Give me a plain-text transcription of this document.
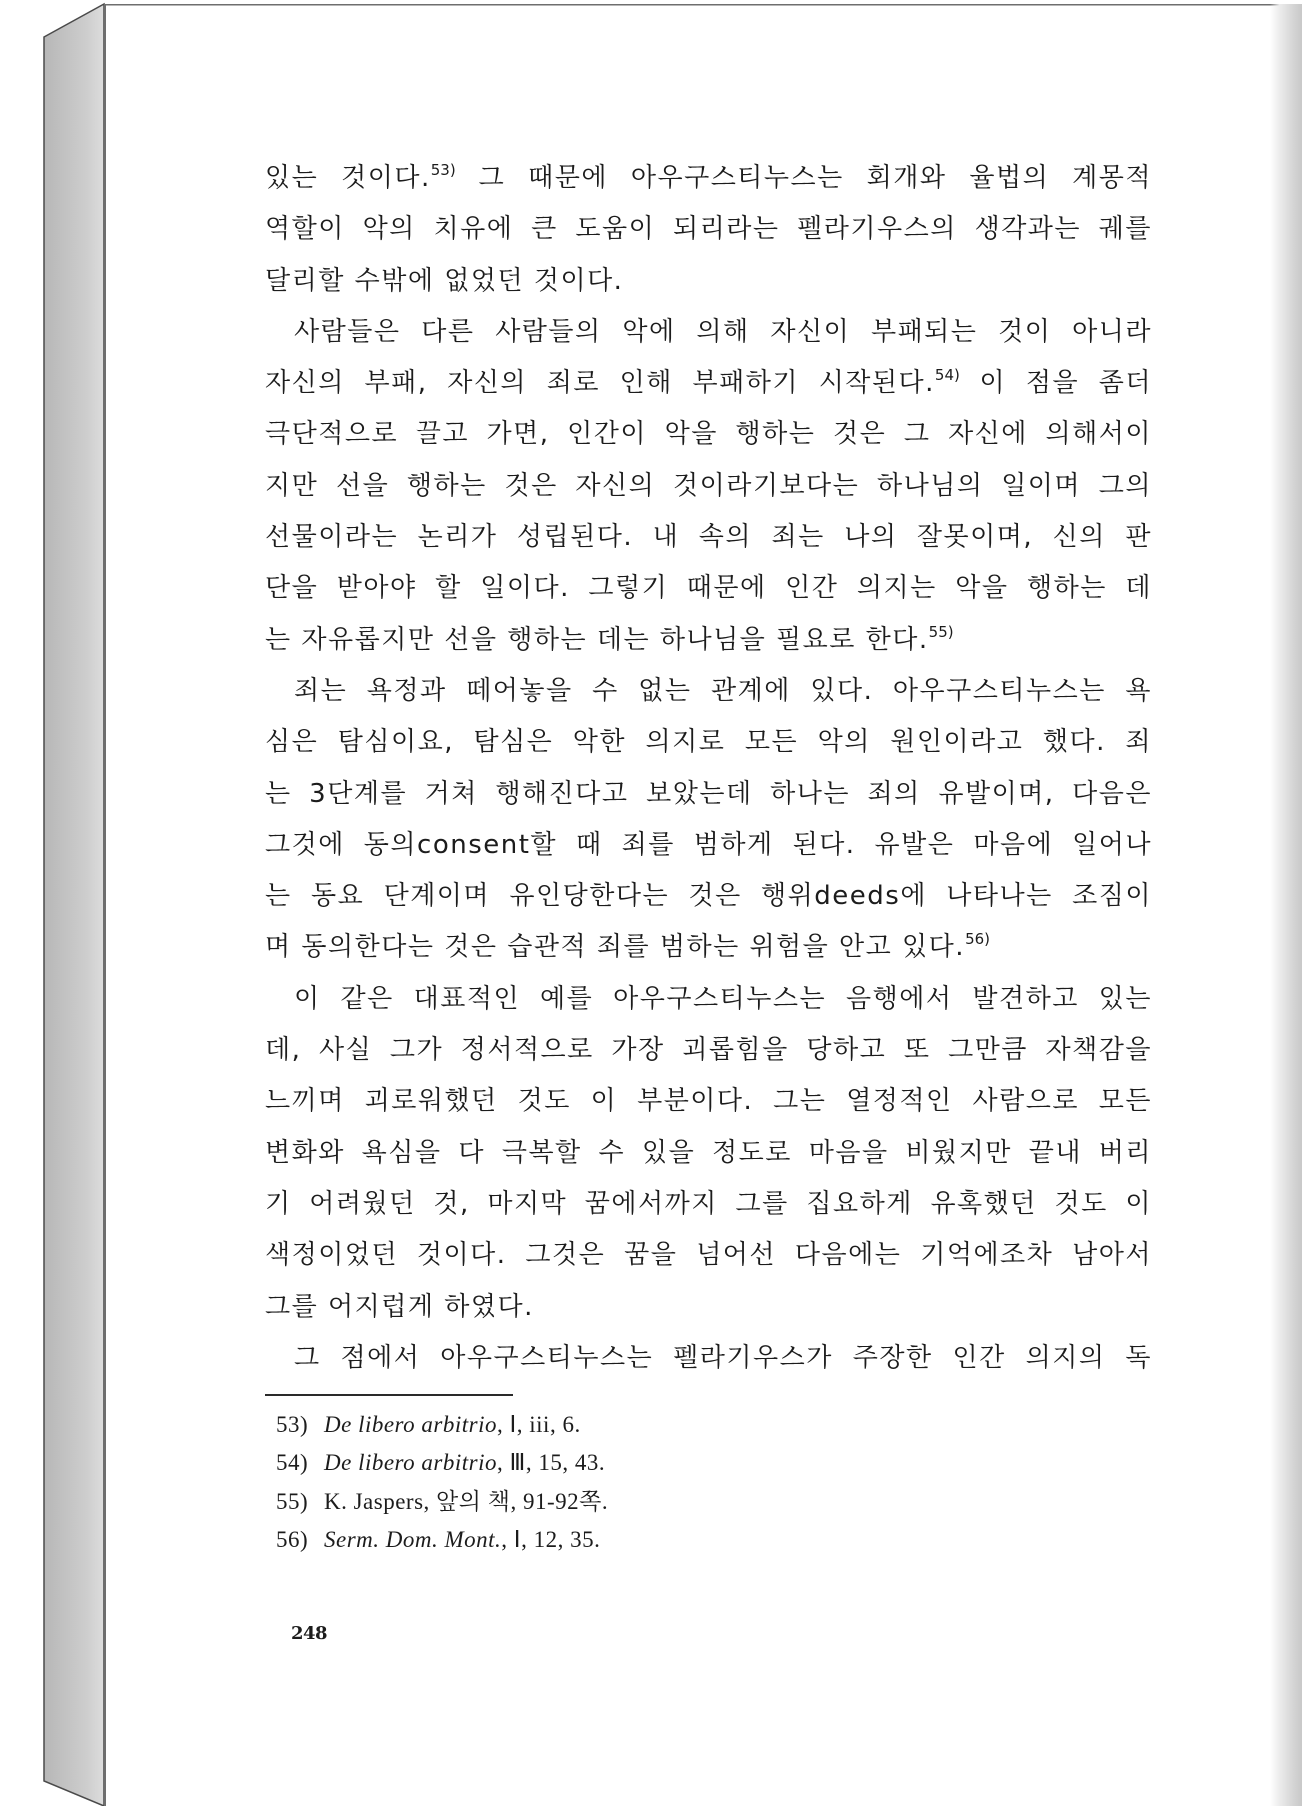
있는 것이다.$^{53)}$ 그 때문에 아우구스티누스는 회개와 율법의 계몽적
역할이 악의 치유에 큰 도움이 되리라는 펠라기우스의 생각과는 궤를
달리할 수밖에 없었던 것이다.
사람들은 다른 사람들의 악에 의해 자신이 부패되는 것이 아니라
자신의 부패, 자신의 죄로 인해 부패하기 시작된다.$^{54)}$ 이 점을 좀더
극단적으로 끌고 가면, 인간이 악을 행하는 것은 그 자신에 의해서이
지만 선을 행하는 것은 자신의 것이라기보다는 하나님의 일이며 그의
선물이라는 논리가 성립된다. 내 속의 죄는 나의 잘못이며, 신의 판
단을 받아야 할 일이다. 그렇기 때문에 인간 의지는 악을 행하는 데
는 자유롭지만 선을 행하는 데는 하나님을 필요로 한다.$^{55)}$
죄는 욕정과 떼어놓을 수 없는 관계에 있다. 아우구스티누스는 욕
심은 탐심이요, 탐심은 악한 의지로 모든 악의 원인이라고 했다. 죄
는 3단계를 거쳐 행해진다고 보았는데 하나는 죄의 유발이며, 다음은
그것에 동의consent할 때 죄를 범하게 된다. 유발은 마음에 일어나
는 동요 단계이며 유인당한다는 것은 행위deeds에 나타나는 조짐이
며 동의한다는 것은 습관적 죄를 범하는 위험을 안고 있다.$^{56)}$
이 같은 대표적인 예를 아우구스티누스는 음행에서 발견하고 있는
데, 사실 그가 정서적으로 가장 괴롭힘을 당하고 또 그만큼 자책감을
느끼며 괴로워했던 것도 이 부분이다. 그는 열정적인 사람으로 모든
변화와 욕심을 다 극복할 수 있을 정도로 마음을 비웠지만 끝내 버리
기 어려웠던 것, 마지막 꿈에서까지 그를 집요하게 유혹했던 것도 이
색정이었던 것이다. 그것은 꿈을 넘어선 다음에는 기억에조차 남아서
그를 어지럽게 하였다.
그 점에서 아우구스티누스는 펠라기우스가 주장한 인간 의지의 독
53) De libero arbitrio, Ⅰ, iii, 6.
54) De libero arbitrio, Ⅲ, 15, 43.
55) K. Jaspers, 앞의 책, 91-92쪽.
56) Serm. Dom. Mont., Ⅰ, 12, 35.
248
